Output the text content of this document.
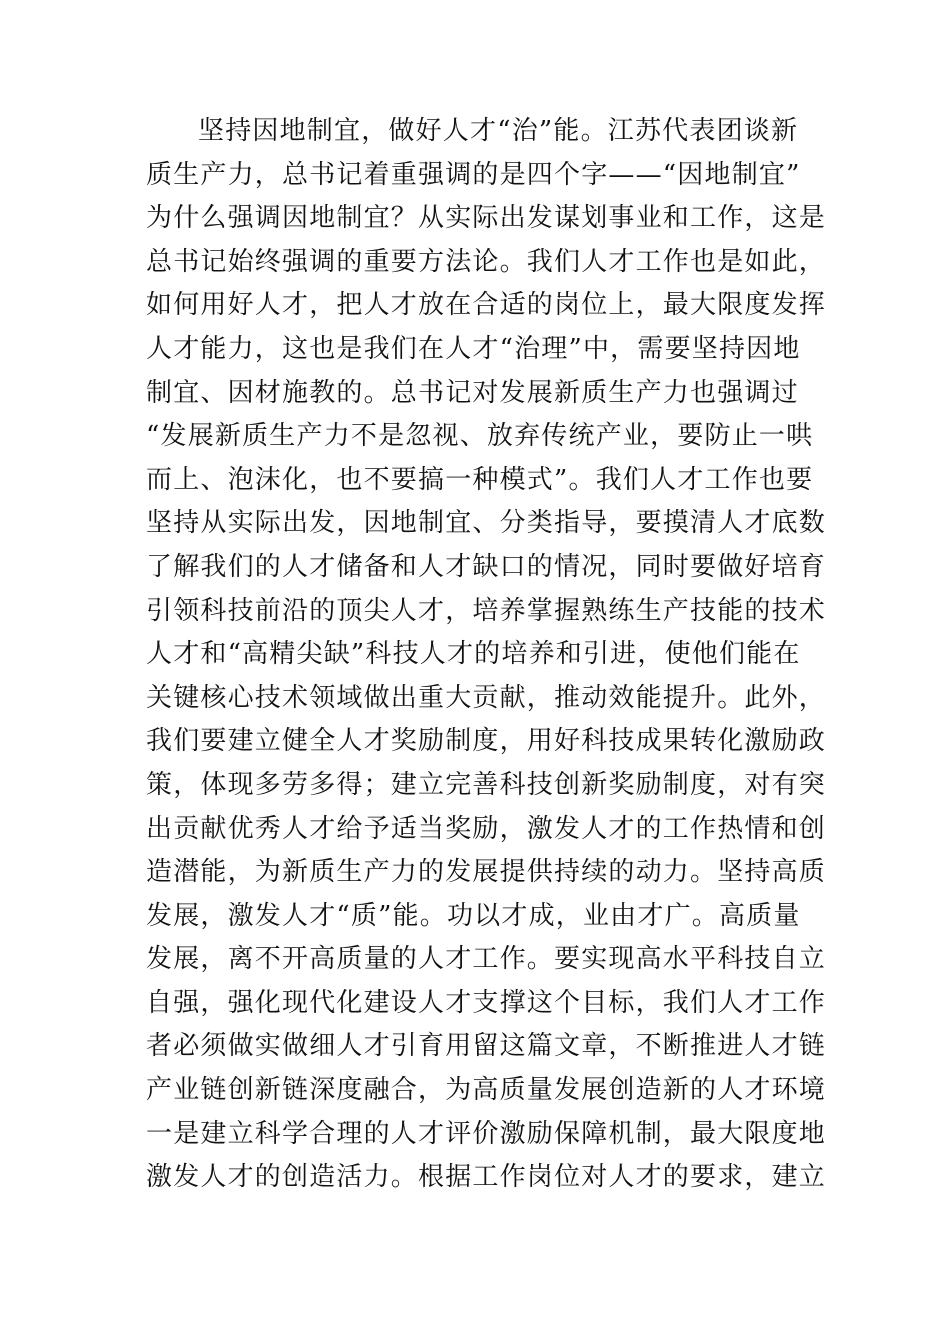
坚持因地制宜，做好人才“治”能。江苏代表团谈新
质生产力，总书记着重强调的是四个字——“因地制宜”
为什么强调因地制宜？从实际出发谋划事业和工作，这是
总书记始终强调的重要方法论。我们人才工作也是如此，
如何用好人才，把人才放在合适的岗位上，最大限度发挥
人才能力，这也是我们在人才“治理”中，需要坚持因地
制宜、因材施教的。总书记对发展新质生产力也强调过
“发展新质生产力不是忽视、放弃传统产业，要防止一哄
而上、泡沫化，也不要搞一种模式”。我们人才工作也要
坚持从实际出发，因地制宜、分类指导，要摸清人才底数
了解我们的人才储备和人才缺口的情况，同时要做好培育
引领科技前沿的顶尖人才，培养掌握熟练生产技能的技术
人才和“高精尖缺”科技人才的培养和引进，使他们能在
关键核心技术领域做出重大贡献，推动效能提升。此外，
我们要建立健全人才奖励制度，用好科技成果转化激励政
策，体现多劳多得；建立完善科技创新奖励制度，对有突
出贡献优秀人才给予适当奖励，激发人才的工作热情和创
造潜能，为新质生产力的发展提供持续的动力。坚持高质
发展，激发人才“质”能。功以才成，业由才广。高质量
发展，离不开高质量的人才工作。要实现高水平科技自立
自强，强化现代化建设人才支撑这个目标，我们人才工作
者必须做实做细人才引育用留这篇文章，不断推进人才链
产业链创新链深度融合，为高质量发展创造新的人才环境
一是建立科学合理的人才评价激励保障机制，最大限度地
激发人才的创造活力。根据工作岗位对人才的要求，建立
